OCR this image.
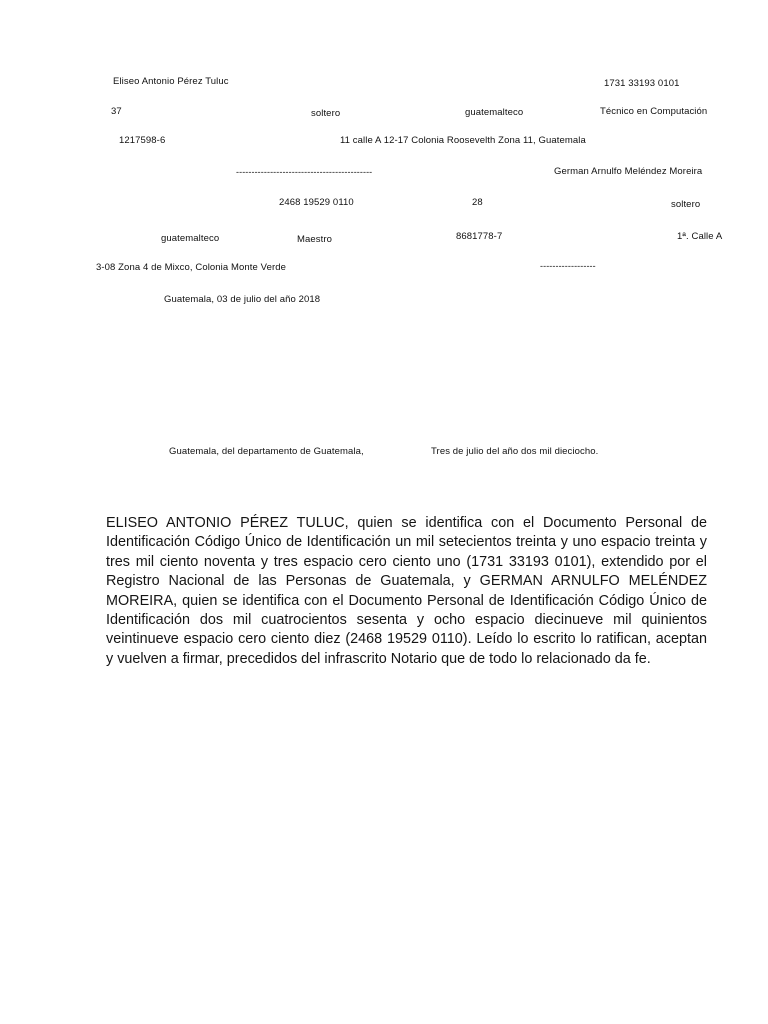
Eliseo Antonio Pérez Tuluc	1731 33193 0101
37	soltero	guatemalteco	Técnico en Computación
1217598-6	11 calle A 12-17 Colonia Roosevelth Zona 11, Guatemala
--------------------------------------------	German Arnulfo Meléndez Moreira
2468 19529 0110	28	soltero
guatemalteco	Maestro	8681778-7	1ª. Calle A
3-08 Zona 4 de Mixco, Colonia Monte Verde	------------------
Guatemala, 03 de julio del año 2018
Guatemala, del departamento de Guatemala,	Tres de julio del año dos mil dieciocho.
ELISEO ANTONIO PÉREZ TULUC, quien se identifica con el Documento Personal de Identificación Código Único de Identificación un mil setecientos treinta y uno espacio treinta y tres mil ciento noventa y tres espacio cero ciento uno (1731 33193 0101), extendido por el Registro Nacional de las Personas de Guatemala, y GERMAN ARNULFO MELÉNDEZ MOREIRA, quien se identifica con el Documento Personal de Identificación Código Único de Identificación dos mil cuatrocientos sesenta y ocho espacio diecinueve mil quinientos veintinueve espacio cero ciento diez (2468 19529 0110). Leído lo escrito lo ratifican, aceptan y vuelven a firmar, precedidos del infrascrito Notario que de todo lo relacionado da fe.
